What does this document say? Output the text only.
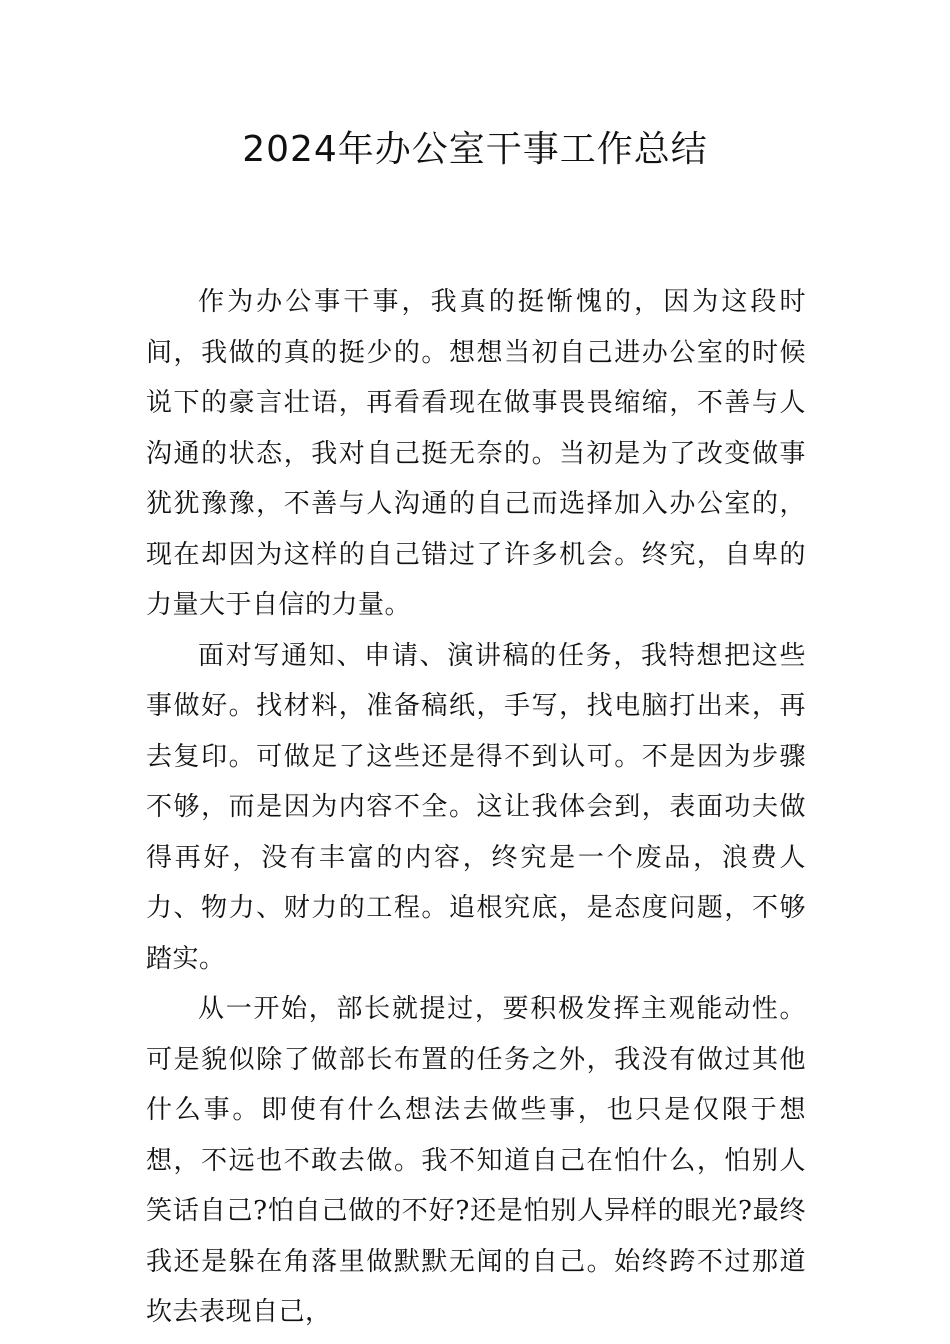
2024年办公室干事工作总结

作为办公事干事，我真的挺惭愧的，因为这段时间，我做的真的挺少的。想想当初自己进办公室的时候说下的豪言壮语，再看看现在做事畏畏缩缩，不善与人沟通的状态，我对自己挺无奈的。当初是为了改变做事犹犹豫豫，不善与人沟通的自己而选择加入办公室的，现在却因为这样的自己错过了许多机会。终究，自卑的力量大于自信的力量。

面对写通知、申请、演讲稿的任务，我特想把这些事做好。找材料，准备稿纸，手写，找电脑打出来，再去复印。可做足了这些还是得不到认可。不是因为步骤不够，而是因为内容不全。这让我体会到，表面功夫做得再好，没有丰富的内容，终究是一个废品，浪费人力、物力、财力的工程。追根究底，是态度问题，不够踏实。

从一开始，部长就提过，要积极发挥主观能动性。可是貌似除了做部长布置的任务之外，我没有做过其他什么事。即使有什么想法去做些事，也只是仅限于想想，不远也不敢去做。我不知道自己在怕什么，怕别人笑话自己?怕自己做的不好?还是怕别人异样的眼光?最终我还是躲在角落里做默默无闻的自己。始终跨不过那道坎去表现自己，
